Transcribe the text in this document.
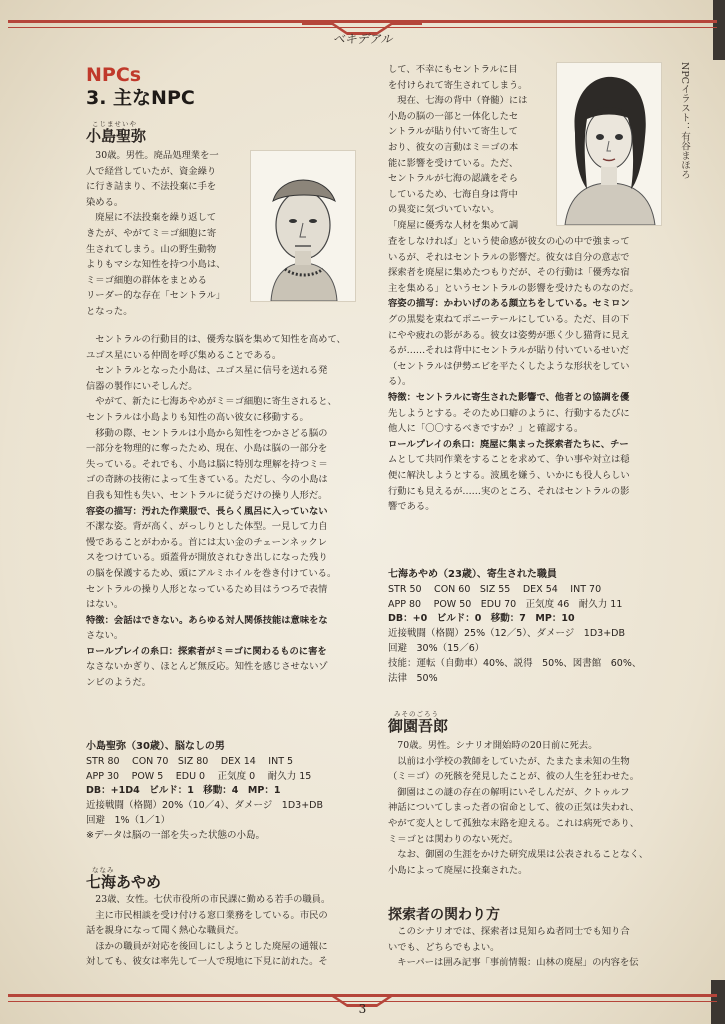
ベキデアル
3
NPCs
3. 主なNPC
こじませいや
小島聖弥

30歳。男性。廃品処理業を一

人で経営していたが、資金繰り

に行き詰まり、不法投棄に手を

染める。

廃屋に不法投棄を繰り返して

きたが、やがてミ＝ゴ細胞に寄

生されてしまう。山の野生動物

よりもマシな知性を持つ小島は、

ミ＝ゴ細胞の群体をまとめる

リーダー的な存在「セントラル」

となった。

セントラルの行動目的は、優秀な脳を集めて知性を高めて、

ユゴス星にいる仲間を呼び集めることである。

セントラルとなった小島は、ユゴス星に信号を送れる発

信器の製作にいそしんだ。

やがて、新たに七海あやめがミ＝ゴ細胞に寄生されると、

セントラルは小島よりも知性の高い彼女に移動する。

移動の際、セントラルは小島から知性をつかさどる脳の

一部分を物理的に奪ったため、現在、小島は脳の一部分を

失っている。それでも、小島は脳に特別な理解を持つミ＝

ゴの奇跡の技術によって生きている。ただし、今の小島は

自我も知性も失い、セントラルに従うだけの操り人形だ。

容姿の描写：汚れた作業服で、長らく風呂に入っていない

不潔な姿。背が高く、がっしりとした体型。一見して力自

慢であることがわかる。首には太い金のチェーンネックレ

スをつけている。頭蓋骨が開放されむき出しになった残り

の脳を保護するため、頭にアルミホイルを巻き付けている。

セントラルの操り人形となっているため目はうつろで表情

はない。

特徴：会話はできない。あらゆる対人関係技能は意味をな

さない。

ロールプレイの糸口：探索者がミ＝ゴに関わるものに害を

なさないかぎり、ほとんど無反応。知性を感じさせないゾ

ンビのようだ。

小島聖弥（30歳）、脳なしの男
STR 80　 CON 70　SIZ 80　 DEX 14　 INT 5
APP 30　 POW 5　 EDU 0　 正気度 0　 耐久力 15
DB：+1D4　ビルド：1　移動：4　MP：1
近接戦闘（格闘）20%（10／4）、ダメージ　1D3+DB
回避　1%（1／1）
※データは脳の一部を失った状態の小島。
ななみ
七海あやめ

23歳、女性。七伏市役所の市民課に勤める若手の職員。

主に市民相談を受け付ける窓口業務をしている。市民の

話を親身になって聞く熱心な職員だ。

ほかの職員が対応を後回しにしようとした廃屋の通報に

対しても、彼女は率先して一人で現地に下見に訪れた。そ

NPCイラスト：有谷まほろ

して、不幸にもセントラルに目

を付けられて寄生されてしまう。

現在、七海の背中（脊髄）には

小島の脳の一部と一体化したセ

ントラルが貼り付いて寄生して

おり、彼女の言動はミ＝ゴの本

能に影響を受けている。ただ、

セントラルが七海の認識をそら

しているため、七海自身は背中

の異変に気づいていない。

「廃屋に優秀な人材を集めて調

査をしなければ」という使命感が彼女の心の中で強まって

いるが、それはセントラルの影響だ。彼女は自分の意志で

探索者を廃屋に集めたつもりだが、その行動は「優秀な宿

主を集める」というセントラルの影響を受けたものなのだ。

容姿の描写：かわいげのある顔立ちをしている。セミロン

グの黒髪を束ねてポニーテールにしている。ただ、目の下

にやや疲れの影がある。彼女は姿勢が悪く少し猫背に見え

るが……それは背中にセントラルが貼り付いているせいだ

（セントラルは伊勢エビを平たくしたような形状をしてい

る）。

特徴：セントラルに寄生された影響で、他者との協調を優

先しようとする。そのため口癖のように、行動するたびに

他人に「〇〇するべきですか？」と確認する。

ロールプレイの糸口：廃屋に集まった探索者たちに、チー

ムとして共同作業をすることを求めて、争い事や対立は穏

便に解決しようとする。波風を嫌う、いかにも役人らしい

行動にも見えるが……実のところ、それはセントラルの影

響である。

七海あやめ（23歳）、寄生された職員
STR 50　 CON 60　SIZ 55　 DEX 54　 INT 70
APP 80　 POW 50　EDU 70　正気度 46　耐久力 11
DB：+0　ビルド：0　移動：7　MP：10
近接戦闘（格闘）25%（12／5）、ダメージ　1D3+DB
回避　30%（15／6）
技能：運転（自動車）40%、説得　50%、図書館　60%、
法律　50%
みそのごろう
御園吾郎

70歳。男性。シナリオ開始時の20日前に死去。

以前は小学校の教師をしていたが、たまたま未知の生物

（ミ＝ゴ）の死骸を発見したことが、彼の人生を狂わせた。

御園はこの謎の存在の解明にいそしんだが、クトゥルフ

神話についてしまった者の宿命として、彼の正気は失われ、

やがて変人として孤独な末路を迎える。これは病死であり、

ミ＝ゴとは関わりのない死だ。

なお、御園の生涯をかけた研究成果は公表されることなく、

小島によって廃屋に投棄された。

探索者の関わり方

このシナリオでは、探索者は見知らぬ者同士でも知り合

いでも、どちらでもよい。

キーパーは囲み記事「事前情報：山林の廃屋」の内容を伝
